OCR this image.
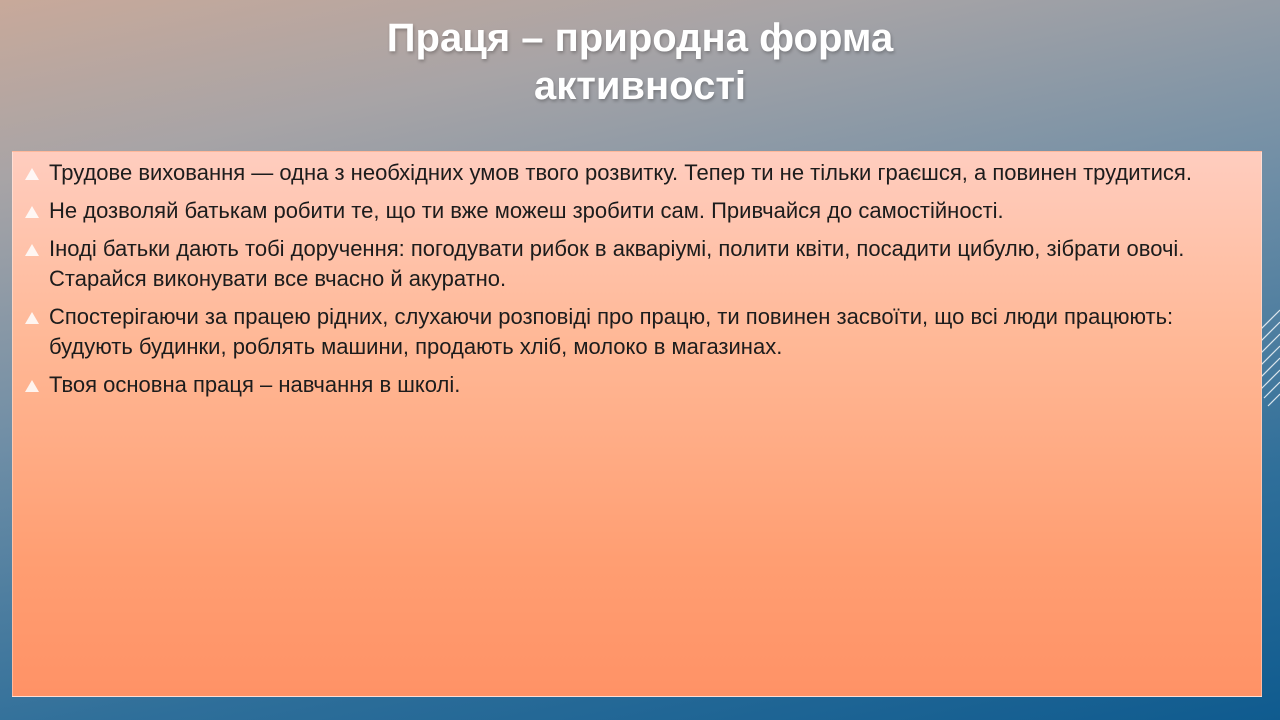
Праця – природна форма
активності
Трудове виховання — одна з необхідних умов твого розвитку. Тепер ти не тільки граєшся, а повинен трудитися.
Не дозволяй батькам робити те, що ти вже можеш зробити сам. Привчайся до самостійності.
Іноді батьки дають тобі доручення: погодувати рибок в акваріумі, полити квіти, посадити цибулю, зібрати овочі. Старайся виконувати все вчасно й акуратно.
Спостерігаючи за працею рідних, слухаючи розповіді про працю, ти повинен засвоїти, що всі люди працюють: будують будинки, роблять машини, продають хліб, молоко в магазинах.
Твоя основна праця – навчання в школі.
